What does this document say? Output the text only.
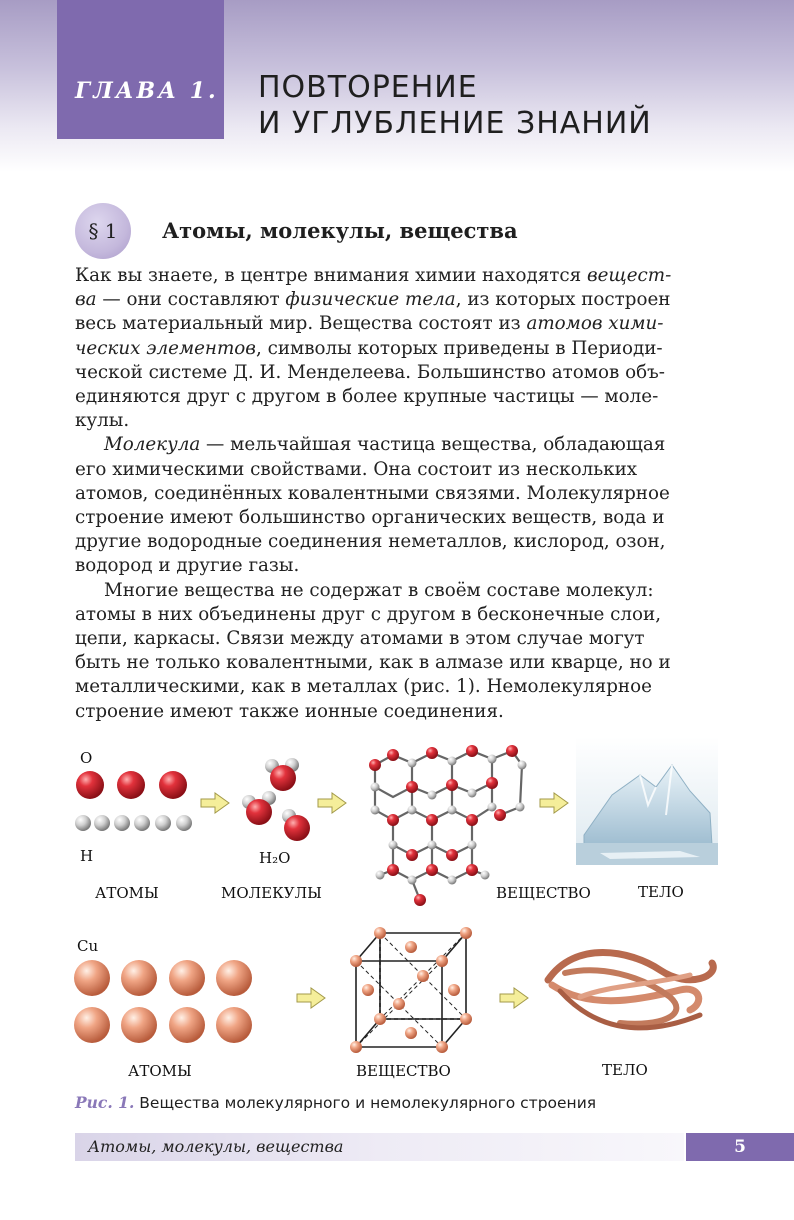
ГЛАВА 1. ПОВТОРЕНИЕ
И УГЛУБЛЕНИЕ ЗНАНИЙ
§ 1 Атомы, молекулы, вещества

Как вы знаете, в центре внимания химии находятся вещест-
ва — они составляют физические тела, из которых построен
весь материальный мир. Вещества состоят из атомов хими-
ческих элементов, символы которых приведены в Периоди-
ческой системе Д. И. Менделеева. Большинство атомов объ-
единяются друг с другом в более крупные частицы — моле-
кулы.

Молекула — мельчайшая частица вещества, обладающая
его химическими свойствами. Она состоит из нескольких
атомов, соединённых ковалентными связями. Молекулярное
строение имеют большинство органических веществ, вода и
другие водородные соединения неметаллов, кислород, озон,
водород и другие газы.

Многие вещества не содержат в своём составе молекул:
атомы в них объединены друг с другом в бесконечные слои,
цепи, каркасы. Связи между атомами в этом случае могут
быть не только ковалентными, как в алмазе или кварце, но и
металлическими, как в металлах (рис. 1). Немолекулярное
строение имеют также ионные соединения.

O
H	H₂O
АТОМЫ	МОЛЕКУЛЫ	ВЕЩЕСТВО	ТЕЛО
Cu
АТОМЫ	ВЕЩЕСТВО	ТЕЛО
Рис. 1. Вещества молекулярного и немолекулярного строения
Атомы, молекулы, вещества	5
